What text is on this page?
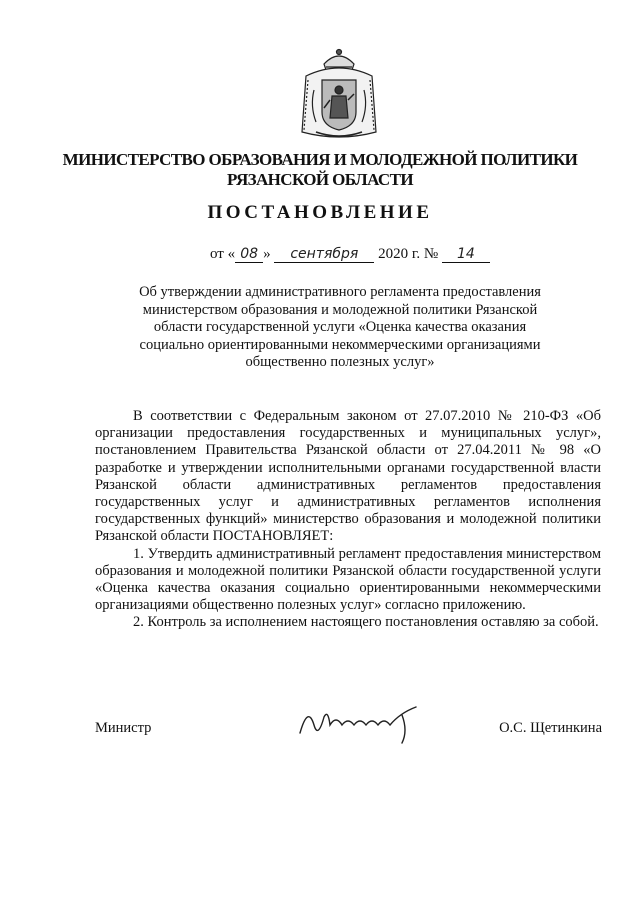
МИНИСТЕРСТВО ОБРАЗОВАНИЯ И МОЛОДЕЖНОЙ ПОЛИТИКИ
РЯЗАНСКОЙ ОБЛАСТИ
ПОСТАНОВЛЕНИЕ
от « 08 » сентября 2020 г. № 14
Об утверждении административного регламента предоставления министерством образования и молодежной политики Рязанской области государственной услуги «Оценка качества оказания социально ориентированными некоммерческими организациями общественно полезных услуг»

В соответствии с Федеральным законом от 27.07.2010 № 210-ФЗ «Об организации предоставления государственных и муниципальных услуг», постановлением Правительства Рязанской области от 27.04.2011 № 98 «О разработке и утверждении исполнительными органами государственной власти Рязанской области административных регламентов предоставления государственных услуг и административных регламентов исполнения государственных функций» министерство образования и молодежной политики Рязанской области ПОСТАНОВЛЯЕТ:

1. Утвердить административный регламент предоставления министерством образования и молодежной политики Рязанской области государственной услуги «Оценка качества оказания социально ориентированными некоммерческими организациями общественно полезных услуг» согласно приложению.

2. Контроль за исполнением настоящего постановления оставляю за собой.

Министр	О.С. Щетинкина
